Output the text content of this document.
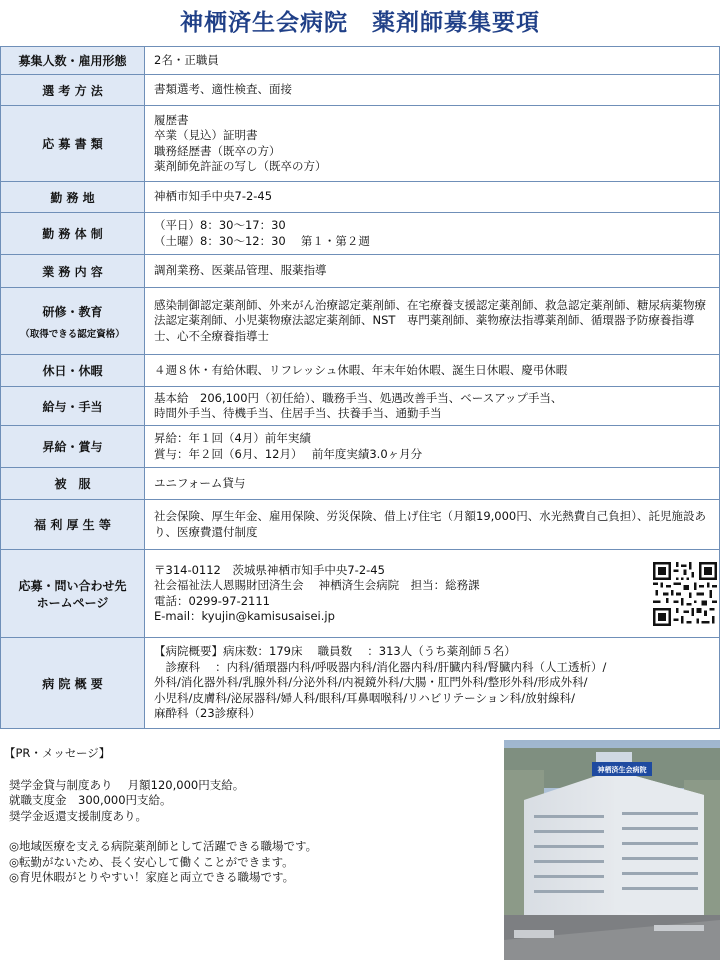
神栖済生会病院　薬剤師募集要項
募集人数・雇用形態	2名・正職員
選 考 方 法	書類選考、適性検査、面接
応 募 書 類	履歴書
卒業（見込）証明書
職務経歴書（既卒の方）
薬剤師免許証の写し（既卒の方）

勤 務 地	神栖市知手中央7-2-45
勤 務 体 制	（平日）8：30〜17：30
（土曜）8：30〜12：30　 第１・第２週

業 務 内 容	調剤業務、医薬品管理、服薬指導
研修・教育
（取得できる認定資格）	感染制御認定薬剤師、外来がん治療認定薬剤師、在宅療養支援認定薬剤師、救急認定薬剤師、糖尿病薬物療法認定薬剤師、小児薬物療法認定薬剤師、NST　専門薬剤師、薬物療法指導薬剤師、循環器予防療養指導士、心不全療養指導士

休日・休暇	４週８休・有給休暇、リフレッシュ休暇、年末年始休暇、誕生日休暇、慶弔休暇
給与・手当	基本給　206,100円（初任給）、職務手当、処遇改善手当、ベースアップ手当、
時間外手当、待機手当、住居手当、扶養手当、通勤手当

昇給・賞与	昇給：年１回（4月）前年実績
賞与：年２回（6月、12月）　 前年度実績3.0ヶ月分

被　服	ユニフォーム貸与
福 利 厚 生 等	社会保険、厚生年金、雇用保険、労災保険、借上げ住宅（月額19,000円、水光熱費自己負担）、託児施設あり、医療費還付制度

応募・問い合わせ先
ホームページ	〒314-0112　茨城県神栖市知手中央7-2-45
社会福祉法人恩賜財団済生会　 神栖済生会病院　担当：総務課
電話：0299-97-2111
E-mail：kyujin@kamisusaisei.jp

病 院 概 要	【病院概要】病床数：179床　 職員数　 ：313人（うち薬剤師５名）
　診療科　 ：内科/循環器内科/呼吸器内科/消化器内科/肝臓内科/腎臓内科（人工透析）/
外科/消化器外科/乳腺外科/分泌外科/内視鏡外科/大腸・肛門外科/整形外科/形成外科/
小児科/皮膚科/泌尿器科/婦人科/眼科/耳鼻咽喉科/リハビリテーション科/放射線科/
麻酔科（23診療科）
【PR・メッセージ】
奨学金貸与制度あり　 月額120,000円支給。
就職支度金　300,000円支給。
奨学金返還支援制度あり。
◎地域医療を支える病院薬剤師として活躍できる職場です。
◎転勤がないため、長く安心して働くことができます。
◎育児休暇がとりやすい！家庭と両立できる職場です。
神栖済生会病院
